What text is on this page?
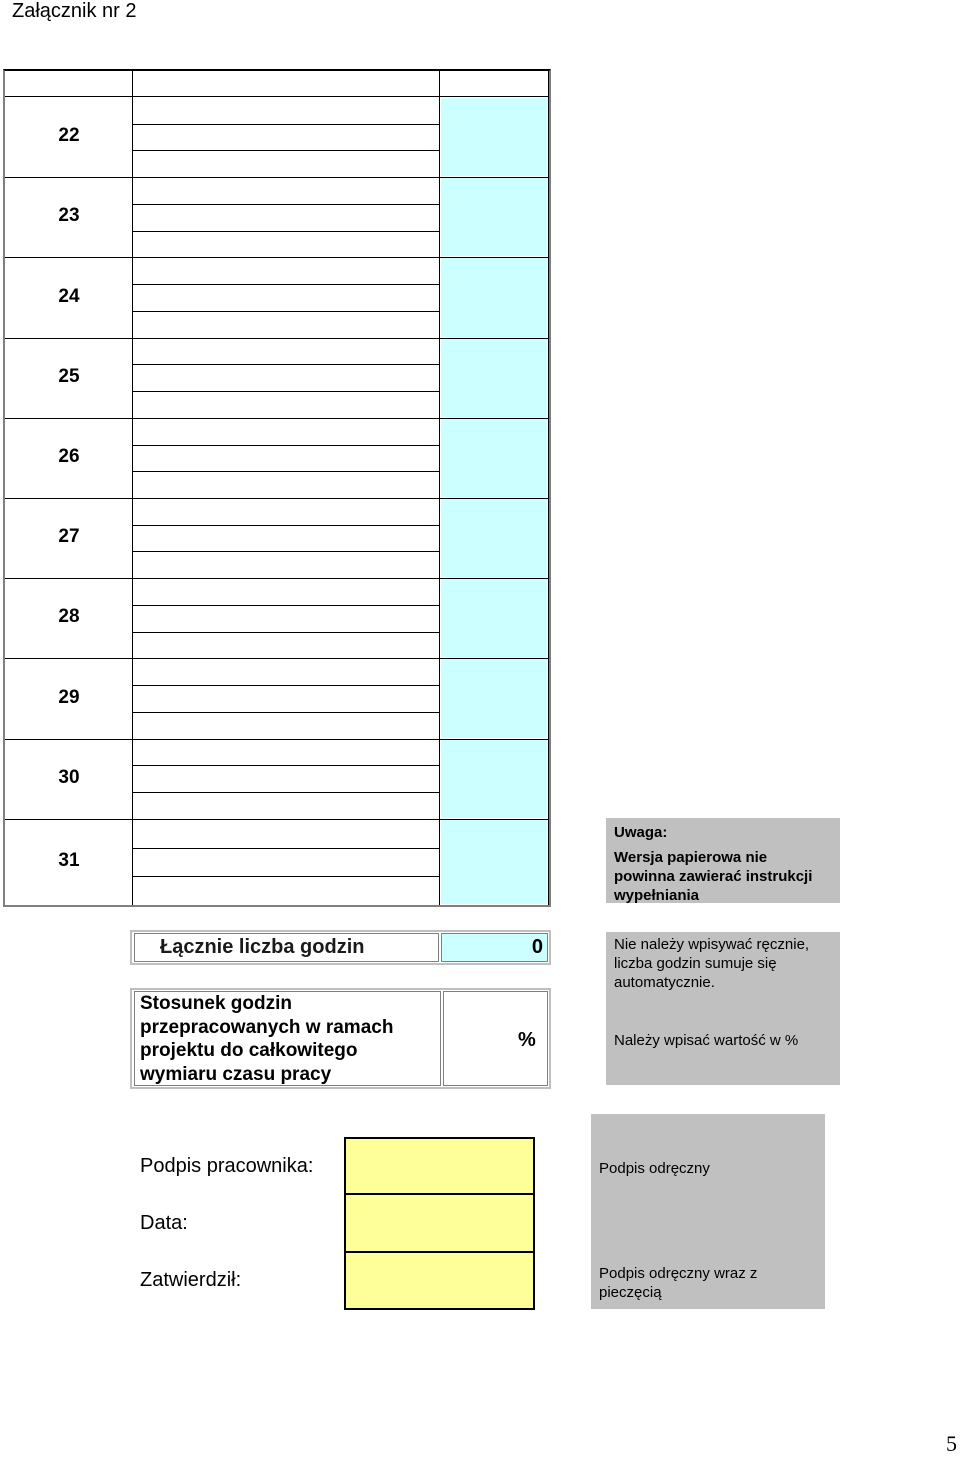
Załącznik nr 2
22
23
24
25
26
27
28
29
30
31
Łącznie liczba godzin	0
Stosunek godzin
przepracowanych w ramach
projektu do całkowitego
wymiaru czasu pracy
%
Uwaga:
Wersja papierowa nie
powinna zawierać instrukcji
wypełniania
Nie należy wpisywać ręcznie,
liczba godzin sumuje się
automatycznie.
Należy wpisać wartość w %
Podpis pracownika:
Data:
Zatwierdził:
Podpis odręczny
Podpis odręczny wraz z
pieczęcią
5
